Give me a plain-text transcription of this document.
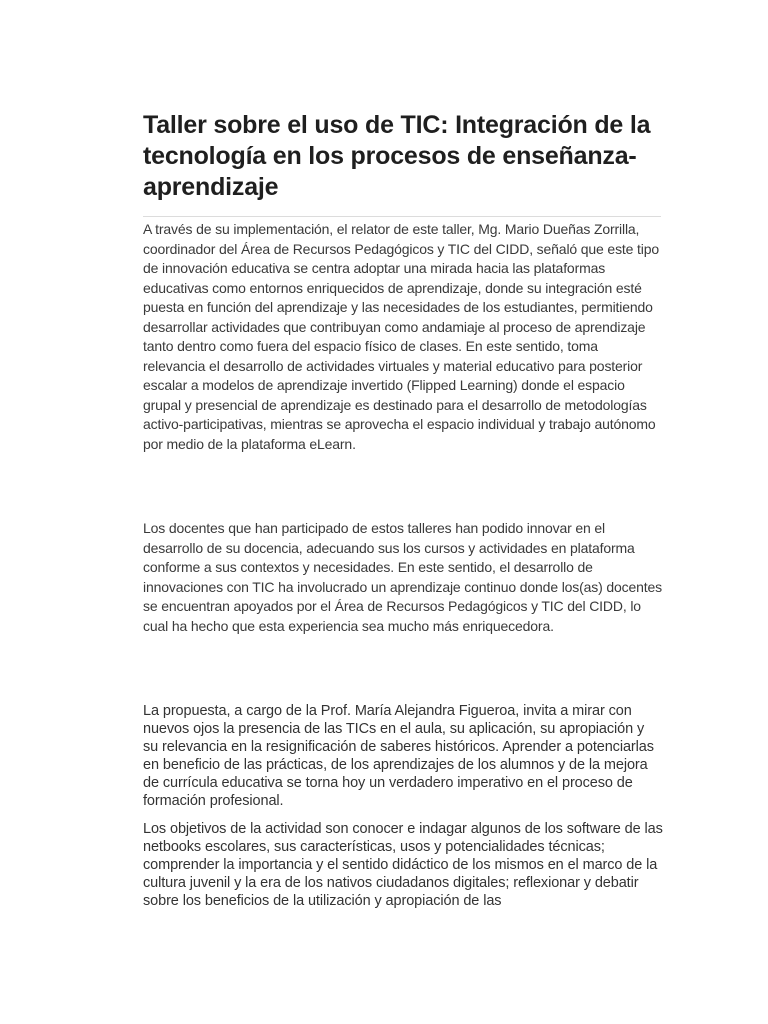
Taller sobre el uso de TIC: Integración de la tecnología en los procesos de enseñanza-aprendizaje

A través de su implementación, el relator de este taller, Mg. Mario Dueñas Zorrilla, coordinador del Área de Recursos Pedagógicos y TIC del CIDD, señaló que este tipo de innovación educativa se centra adoptar una mirada hacia las plataformas educativas como entornos enriquecidos de aprendizaje, donde su integración esté puesta en función del aprendizaje y las necesidades de los estudiantes, permitiendo desarrollar actividades que contribuyan como andamiaje al proceso de aprendizaje tanto dentro como fuera del espacio físico de clases. En este sentido, toma relevancia el desarrollo de actividades virtuales y material educativo para posterior escalar a modelos de aprendizaje invertido (Flipped Learning) donde el espacio grupal y presencial de aprendizaje es destinado para el desarrollo de metodologías activo-participativas, mientras se aprovecha el espacio individual y trabajo autónomo por medio de la plataforma eLearn.

Los docentes que han participado de estos talleres han podido innovar en el desarrollo de su docencia, adecuando sus los cursos y actividades en plataforma conforme a sus contextos y necesidades. En este sentido, el desarrollo de innovaciones con TIC ha involucrado un aprendizaje continuo donde los(as) docentes se encuentran apoyados por el Área de Recursos Pedagógicos y TIC del CIDD, lo cual ha hecho que esta experiencia sea mucho más enriquecedora.

La propuesta, a cargo de la Prof. María Alejandra Figueroa, invita a mirar con nuevos ojos la presencia de las TICs en el aula, su aplicación, su apropiación y su relevancia en la resignificación de saberes históricos. Aprender a potenciarlas en beneficio de las prácticas, de los aprendizajes de los alumnos y de la mejora de currícula educativa se torna hoy un verdadero imperativo en el proceso de formación profesional.

Los objetivos de la actividad son conocer e indagar algunos de los software de las netbooks escolares, sus características, usos y potencialidades técnicas; comprender la importancia y el sentido didáctico de los mismos en el marco de la cultura juvenil y la era de los nativos ciudadanos digitales; reflexionar y debatir sobre los beneficios de la utilización y apropiación de las
